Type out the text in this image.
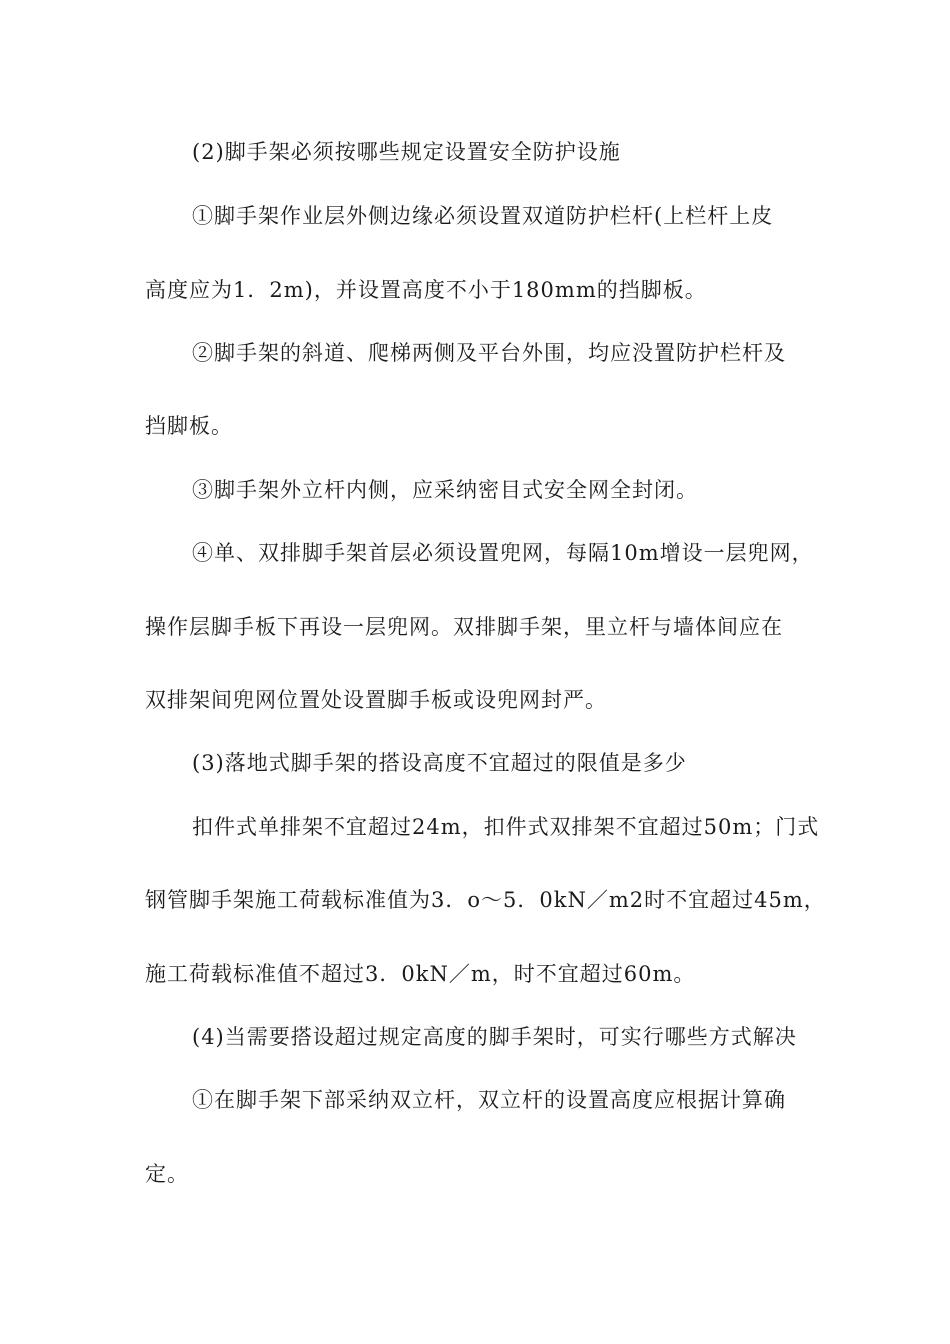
(2)脚手架必须按哪些规定设置安全防护设施
①脚手架作业层外侧边缘必须设置双道防护栏杆(上栏杆上皮
高度应为1．2m)，并设置高度不小于180mm的挡脚板。
②脚手架的斜道、爬梯两侧及平台外围，均应没置防护栏杆及
挡脚板。
③脚手架外立杆内侧，应采纳密目式安全网全封闭。
④单、双排脚手架首层必须设置兜网，每隔10m增设一层兜网，
操作层脚手板下再设一层兜网。双排脚手架，里立杆与墙体间应在
双排架间兜网位置处设置脚手板或设兜网封严。
(3)落地式脚手架的搭设高度不宜超过的限值是多少
扣件式单排架不宜超过24m，扣件式双排架不宜超过50m；门式
钢管脚手架施工荷载标准值为3．o～5．0kN／m2时不宜超过45m，
施工荷载标准值不超过3．0kN／m，时不宜超过60m。
(4)当需要搭设超过规定高度的脚手架时，可实行哪些方式解决
①在脚手架下部采纳双立杆，双立杆的设置高度应根据计算确
定。
